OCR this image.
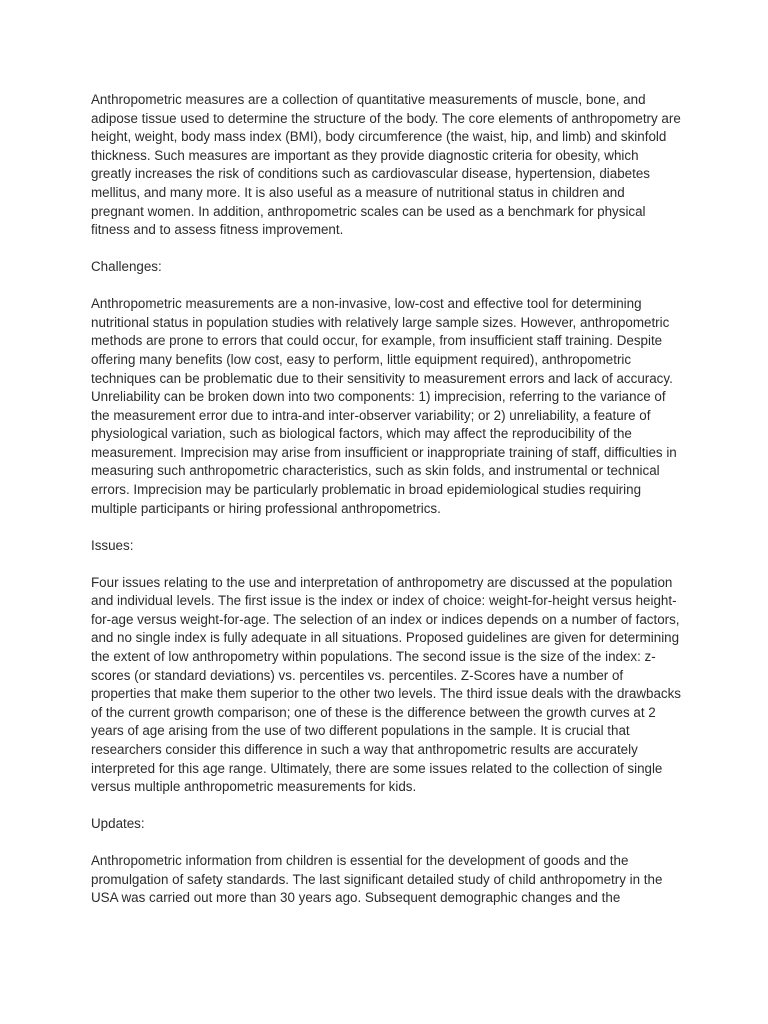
Anthropometric measures are a collection of quantitative measurements of muscle, bone, and adipose tissue used to determine the structure of the body. The core elements of anthropometry are height, weight, body mass index (BMI), body circumference (the waist, hip, and limb) and skinfold thickness. Such measures are important as they provide diagnostic criteria for obesity, which greatly increases the risk of conditions such as cardiovascular disease, hypertension, diabetes mellitus, and many more. It is also useful as a measure of nutritional status in children and pregnant women. In addition, anthropometric scales can be used as a benchmark for physical fitness and to assess fitness improvement.

Challenges:

Anthropometric measurements are a non-invasive, low-cost and effective tool for determining nutritional status in population studies with relatively large sample sizes. However, anthropometric methods are prone to errors that could occur, for example, from insufficient staff training. Despite offering many benefits (low cost, easy to perform, little equipment required), anthropometric techniques can be problematic due to their sensitivity to measurement errors and lack of accuracy. Unreliability can be broken down into two components: 1) imprecision, referring to the variance of the measurement error due to intra-and inter-observer variability; or 2) unreliability, a feature of physiological variation, such as biological factors, which may affect the reproducibility of the measurement. Imprecision may arise from insufficient or inappropriate training of staff, difficulties in measuring such anthropometric characteristics, such as skin folds, and instrumental or technical errors. Imprecision may be particularly problematic in broad epidemiological studies requiring multiple participants or hiring professional anthropometrics.

Issues:

Four issues relating to the use and interpretation of anthropometry are discussed at the population and individual levels. The first issue is the index or index of choice: weight-for-height versus height-for-age versus weight-for-age. The selection of an index or indices depends on a number of factors, and no single index is fully adequate in all situations. Proposed guidelines are given for determining the extent of low anthropometry within populations. The second issue is the size of the index: z-scores (or standard deviations) vs. percentiles vs. percentiles. Z-Scores have a number of properties that make them superior to the other two levels. The third issue deals with the drawbacks of the current growth comparison; one of these is the difference between the growth curves at 2 years of age arising from the use of two different populations in the sample. It is crucial that researchers consider this difference in such a way that anthropometric results are accurately interpreted for this age range. Ultimately, there are some issues related to the collection of single versus multiple anthropometric measurements for kids.

Updates:

Anthropometric information from children is essential for the development of goods and the promulgation of safety standards. The last significant detailed study of child anthropometry in the USA was carried out more than 30 years ago. Subsequent demographic changes and the
